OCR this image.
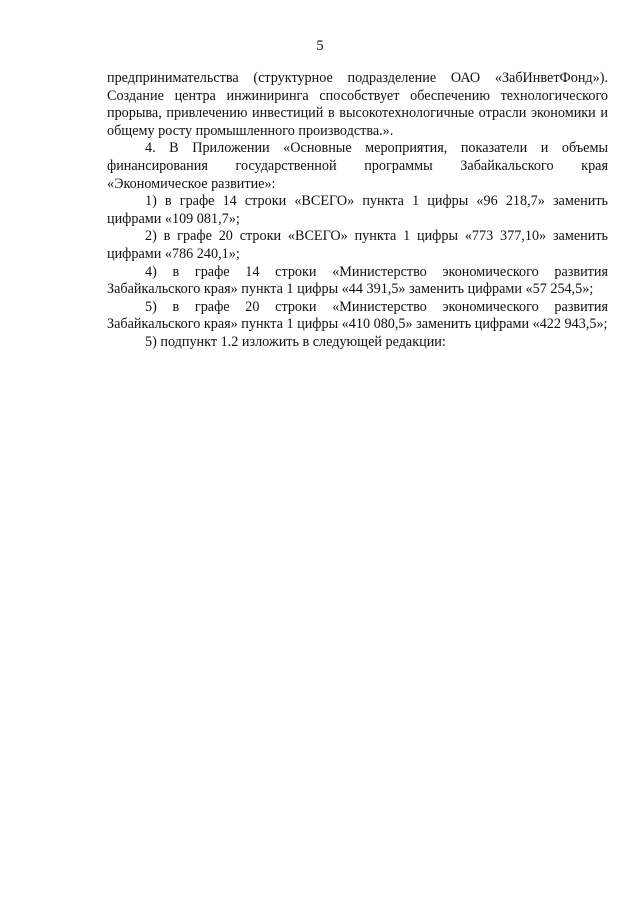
5

предпринимательства (структурное подразделение ОАО «ЗабИнветФонд»). Создание центра инжиниринга способствует обеспечению технологического прорыва, привлечению инвестиций в высокотехнологичные отрасли экономики и общему росту промышленного производства.».

4. В Приложении «Основные мероприятия, показатели и объемы финансирования государственной программы Забайкальского края «Экономическое развитие»:

1) в графе 14 строки «ВСЕГО» пункта 1 цифры «96 218,7» заменить цифрами «109 081,7»;

2) в графе 20 строки «ВСЕГО» пункта 1 цифры «773 377,10» заменить цифрами «786 240,1»;

4) в графе 14 строки «Министерство экономического развития Забайкальского края» пункта 1 цифры «44 391,5» заменить цифрами «57 254,5»;

5) в графе 20 строки «Министерство экономического развития Забайкальского края» пункта 1 цифры «410 080,5» заменить цифрами «422 943,5»;

5) подпункт 1.2 изложить в следующей редакции:
